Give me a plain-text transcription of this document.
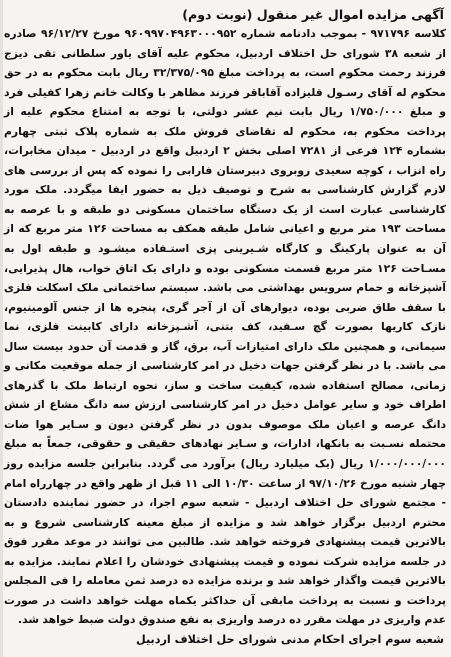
آگهی مزایده اموال غیر منقول (نوبت دوم)

کلاسه ۹۷۱۷۹۶ - بموجب دادنامه شماره ۹۶۰۹۹۷۰۴۹۶۳۰۰۰۹۵۲ مورخ ۹۶/۱۲/۲۷ صادره از شعبه ۳۸ شورای حل اختلاف اردبیل، محکوم علیه آقای یاور سلطانی تقی دیزج فرزند رحمت محکوم است، به پرداخت مبلغ ۳۲/۳۷۵/۰۹۵ ریال بابت محکوم به در حق محکوم له آقای رسـول قلیزاده آقاباقر فرزند مظاهر با وکالت خانم زهرا کفیلی فرد و مبلغ ۱/۷۵۰/۰۰۰ ریال بابت نیم عشر دولتی، با توجه به امتناع محکوم علیه از پرداخت محکوم به، محکوم له تقاضای فروش ملک به شماره پلاک ثبتی چهارم بشماره ۱۲۴ فرعی از ۷۲۸۱ اصلی بخش ۲ اردبیل واقع در اردبیل - میدان مخابرات، راه انزاب ، کوچه سعیدی روبروی دبیرستان فارابی را نموده که پس از بررسی های لازم گزارش کارشناسی به شرح و توصیف ذیل به حضور ایفا میگردد. ملک مورد کارشناسی عبارت است از یک دستگاه ساختمان مسکونی دو طبقه و با عرصه به مساحت ۱۹۳ متر مربع و اعیانی شامل طبقه همکف به مساحت ۱۲۶ متر مربع که از آن به عنوان پارکینگ و کارگاه شـیرینی پزی استـفاده میشـود و طبقه اول به مسـاحت ۱۲۶ متر مربع قسمت مسکونی بوده و دارای یک اتاق خواب، هال پذیرایی، آشپزخانه و حمام سرویس بهداشتی می باشد. سیستم ساختمانی ملک اسکلت فلزی با سقف طاق ضربی بوده، دیوارهای آن از آجر گری، پنجره ها از جنس آلومینیوم، نازک کاریها بصورت گچ سـفید، کف بتنی، آشـپزخانه دارای کابینت فلزی، نما سیمانی، و همچنین ملک دارای امتیازات آب، برق، گاز و قدمت آن حدود بیست سال می باشد. با در نظر گرفتن جهات دخیل در امر کارشناسی از جمله موقعیت مکانی و زمانی، مصالح استفاده شده، کیفیت ساخت و ساز، نحوه ارتباط ملک با گذرهای اطراف خود و سایر عوامل دخیل در امر کارشناسی ارزش سه دانگ مشاع از شش دانگ عرصه و اعیان ملک موصوف بدون در نظر گرفتن دیون و سـایر هوا ضات محتمله نسـبت به بانکها، ادارات، و سـایر نهادهای حقیقی و حقوقی، جمعاً به مبلغ ۱/۰۰۰/۰۰۰/۰۰۰ ریال (یک میلیارد ریال) برآورد می گردد. بنابراین جلسه مزایده روز چهار شنبه مورخ ۹۷/۱۰/۲۶ از ساعت ۱۰/۳۰ الی ۱۱ قبل از ظهر واقع در چهارراه امام - مجتمع شورای حل اختلاف اردبیل - شعبه سوم اجرا، در حضور نماینده دادستان محترم اردبیل برگزار خواهد شد و مزایده از مبلغ معینه کارشناسی شروع و به بالاترین قیمت پیشنهادی فروخته خواهد شد. طالبین می توانند در موعد مقرر فوق در جلسه مزایده شرکت نموده و قیمت پیشنهادی خودشان را اعلام نمایند. مزایده به بالاترین قیمت واگذار خواهد شد و برنده مزایده ده درصد ثمن معامله را فی المجلس پرداخت و نسبت به پرداخت مابقی آن حداکثر یکماه مهلت خواهد داشت در صورت عدم واریزی در مهلت مقرر ده درصد واریزی به نفع صندوق دولت ضبط خواهد شد.

شعبه سوم اجرای احکام مدنی شورای حل اختلاف اردبیل
